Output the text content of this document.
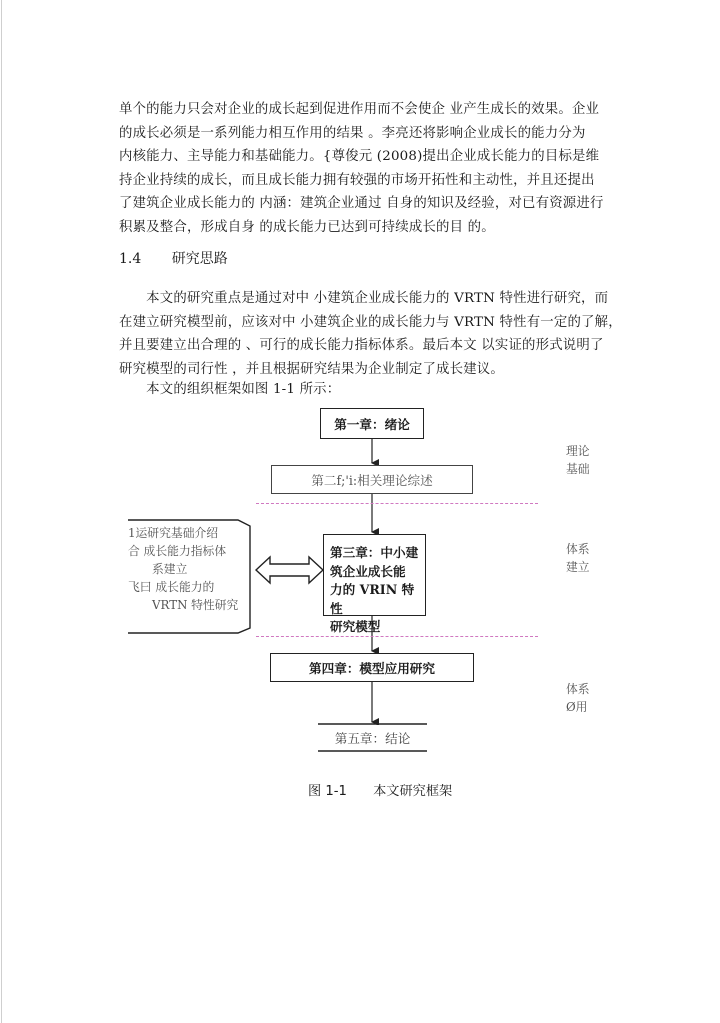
单个的能力只会对企业的成长起到促进作用而不会使企 业产生成长的效果。企业
的成长必须是一系列能力相互作用的结果 。李亮还将影响企业成长的能力分为
内核能力、主导能力和基础能力。{尊俊元 (2008)提出企业成长能力的目标是维
持企业持续的成长，而且成长能力拥有较强的市场开拓性和主动性，并且还提出
了建筑企业成长能力的 内涵：建筑企业通过 自身的知识及经验，对已有资源进行
积累及整合，形成自身 的成长能力已达到可持续成长的目 的。
1.4 研究思路
　　本文的研究重点是通过对中 小建筑企业成长能力的 VRTN 特性进行研究，而
在建立研究模型前，应该对中 小建筑企业的成长能力与 VRTN 特性有一定的了解，
并且要建立出合理的 、可行的成长能力指标体系。最后本文 以实证的形式说明了
研究模型的司行性 ，并且根据研究结果为企业制定了成长建议。
　　本文的组织框架如图 1-1 所示：
第一章：绪论
第二f;'i:相关理论综述
第三章：中小建
筑企业成长能
力的 VRIN 特性
研究模型
第四章：模型应用研究
第五章：结论
1运研究基础介绍
合 成长能力指标体
系建立
飞曰 成长能力的
VRTN 特性研究
理论
基础
体系
建立
体系
Ø用
图 1-1 本文研究框架
